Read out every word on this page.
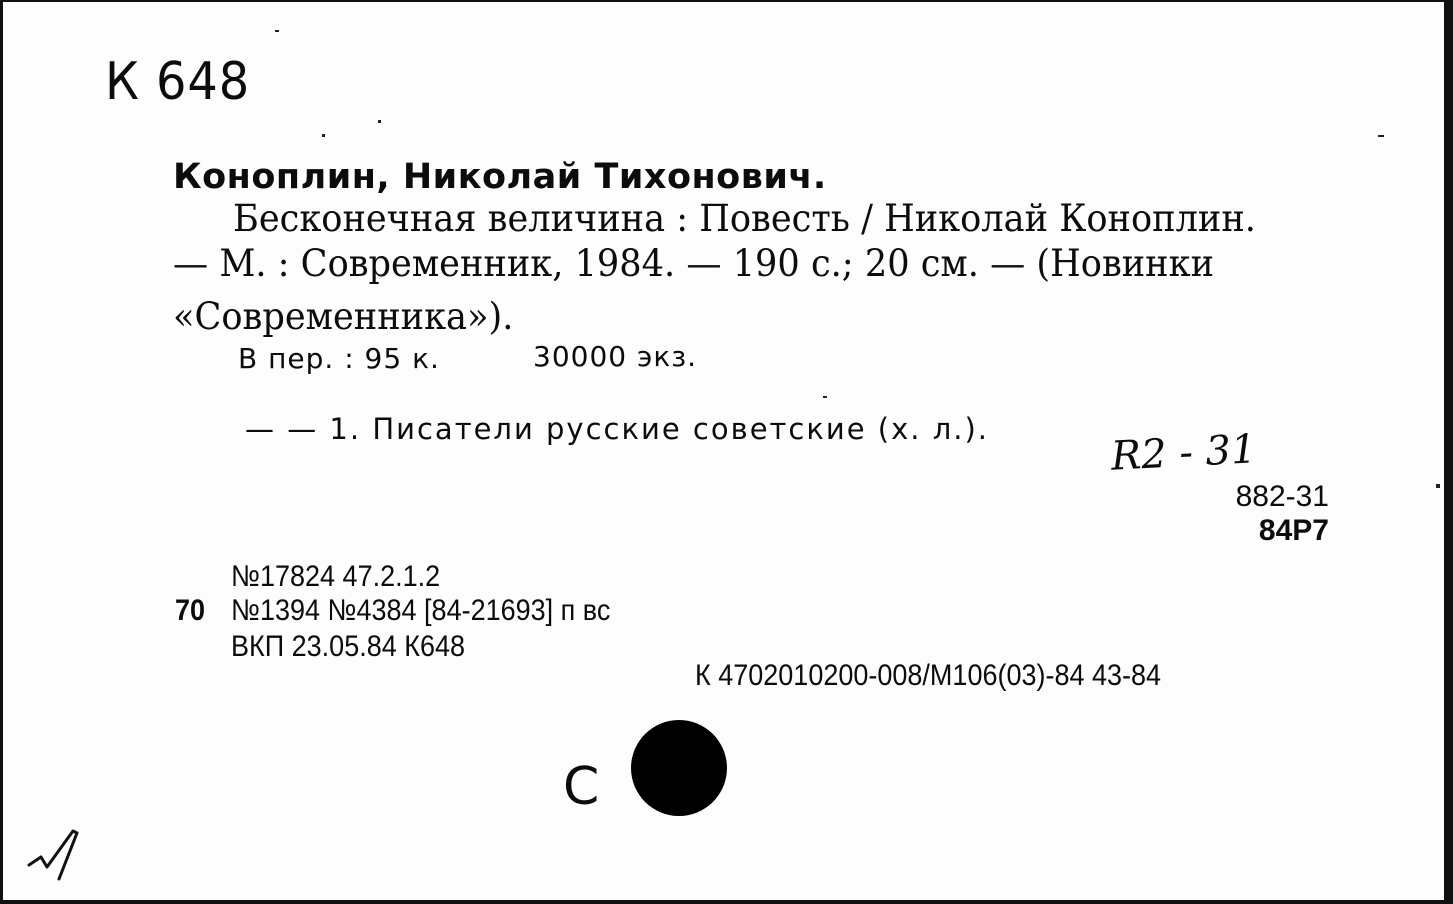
К 648
Коноплин, Николай Тихонович.
Бесконечная величина : Повесть / Николай Коноплин.
— М. : Современник, 1984. — 190 с.; 20 см. — (Новинки
«Современника»).
В пер. : 95 к.	30000 экз.
— — 1. Писатели русские советские (х. л.).	R2 - 31
882-31
84Р7
№17824 47.2.1.2
70 №1394 №4384 [84-21693] п вс
ВКП 23.05.84 К648
К 4702010200-008/М106(03)-84 43-84
С
